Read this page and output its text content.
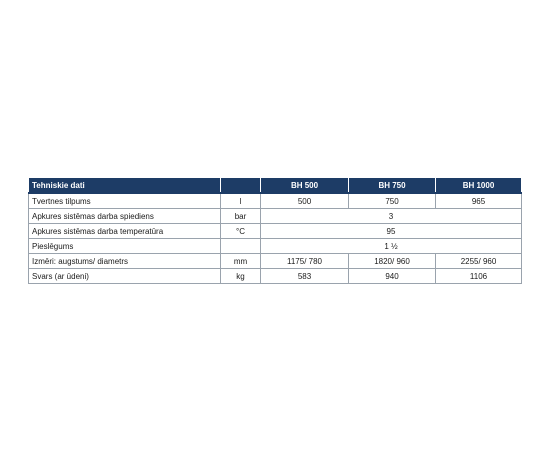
Tehniskie dati		BH 500	BH 750	BH 1000
Tvertnes tilpums	l	500	750	965
Apkures sistēmas darba spiediens	bar	3		
Apkures sistēmas darba temperatūra	°C	95		
Pieslēgums		1 ½		
Izmēri: augstums/ diametrs	mm	1175/ 780	1820/ 960	2255/ 960
Svars (ar ūdeni)	kg	583	940	1106
